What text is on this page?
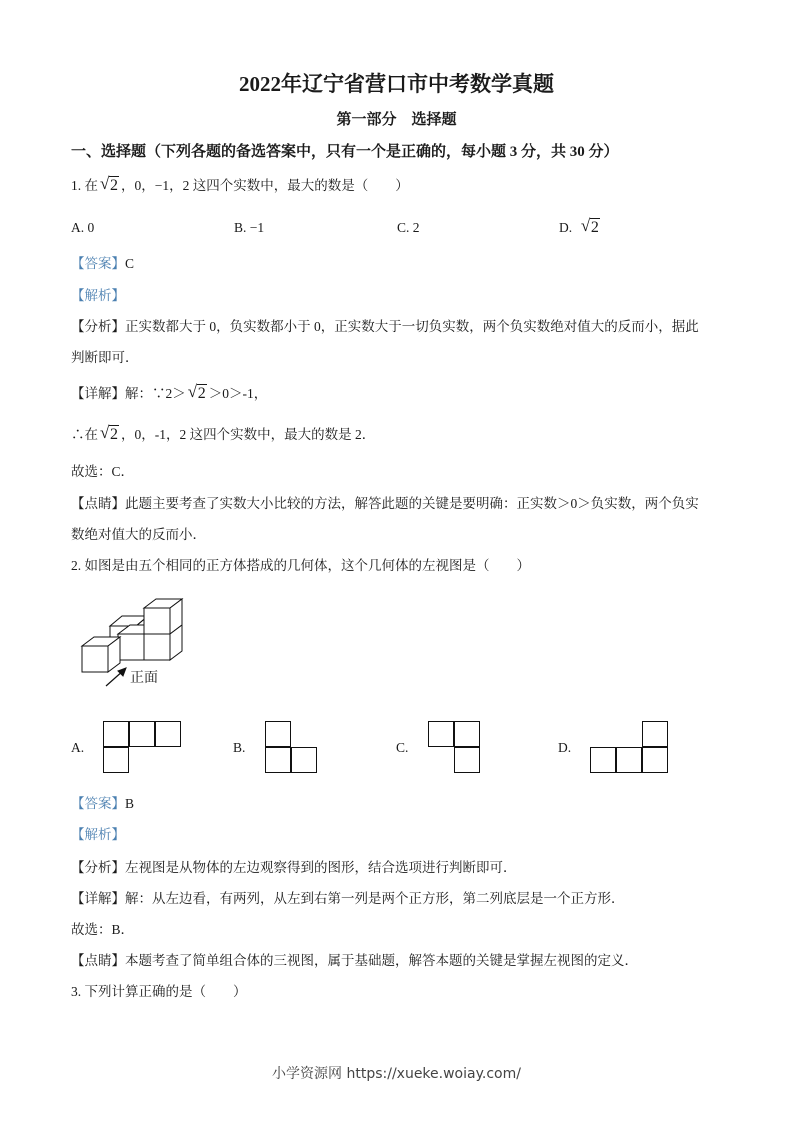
2022年辽宁省营口市中考数学真题
第一部分　选择题
一、选择题（下列各题的备选答案中，只有一个是正确的，每小题 3 分，共 30 分）
1. 在 √ 2 ，0，−1，2 这四个实数中，最大的数是（　　）
A. 0	B. −1	C. 2	D. √ 2
【答案】C
【解析】
【分析】正实数都大于 0，负实数都小于 0，正实数大于一切负实数，两个负实数绝对值大的反而小，据此
判断即可．
【详解】解：∵2＞ √ 2 ＞0＞-1，
∴在 √ 2 ，0，-1，2 这四个实数中，最大的数是 2．
故选：C．
【点睛】此题主要考查了实数大小比较的方法，解答此题的关键是要明确：正实数＞0＞负实数，两个负实
数绝对值大的反而小．
2. 如图是由五个相同的正方体搭成的几何体，这个几何体的左视图是（　　）
正面
A.	B.	C.	D.
【答案】B
【解析】
【分析】左视图是从物体的左边观察得到的图形，结合选项进行判断即可．
【详解】解：从左边看，有两列，从左到右第一列是两个正方形，第二列底层是一个正方形．
故选：B．
【点睛】本题考查了简单组合体的三视图，属于基础题，解答本题的关键是掌握左视图的定义．
3. 下列计算正确的是（　　）
小学资源网 https://xueke.woiay.com/
